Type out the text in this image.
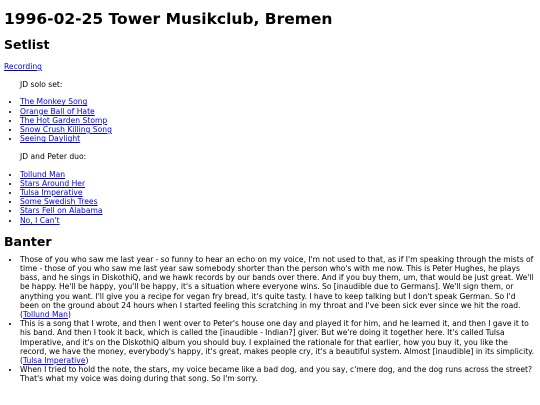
1996-02-25 Tower Musikclub, Bremen
Setlist
Recording
JD solo set:
• The Monkey Song
• Orange Ball of Hate
• The Hot Garden Stomp
• Snow Crush Killing Song
• Seeing Daylight
JD and Peter duo:
• Tollund Man
• Stars Around Her
• Tulsa Imperative
• Some Swedish Trees
• Stars Fell on Alabama
• No, I Can't
Banter
• Those of you who saw me last year - so funny to hear an echo on my voice, I'm not used to that, as if I'm speaking through the mists of time - those of you who saw me last year saw somebody shorter than the person who's with me now. This is Peter Hughes, he plays bass, and he sings in DiskothiQ, and we hawk records by our bands over there. And if you buy them, um, that would be just great. We'll be happy. He'll be happy, you'll be happy, it's a situation where everyone wins. So [inaudible due to Germans]. We'll sign them, or anything you want. I'll give you a recipe for vegan fry bread, it's quite tasty. I have to keep talking but I don't speak German. So I'd been on the ground about 24 hours when I started feeling this scratching in my throat and I've been sick ever since we hit the road. (Tollund Man)
• This is a song that I wrote, and then I went over to Peter's house one day and played it for him, and he learned it, and then I gave it to his band. And then I took it back, which is called the [inaudible - Indian?] giver. But we're doing it together here. It's called Tulsa Imperative, and it's on the DiskothiQ album you should buy. I explained the rationale for that earlier, how you buy it, you like the record, we have the money, everybody's happy, it's great, makes people cry, it's a beautiful system. Almost [inaudible] in its simplicity. (Tulsa Imperative)
• When I tried to hold the note, the stars, my voice became like a bad dog, and you say, c'mere dog, and the dog runs across the street? That's what my voice was doing during that song. So I'm sorry.
